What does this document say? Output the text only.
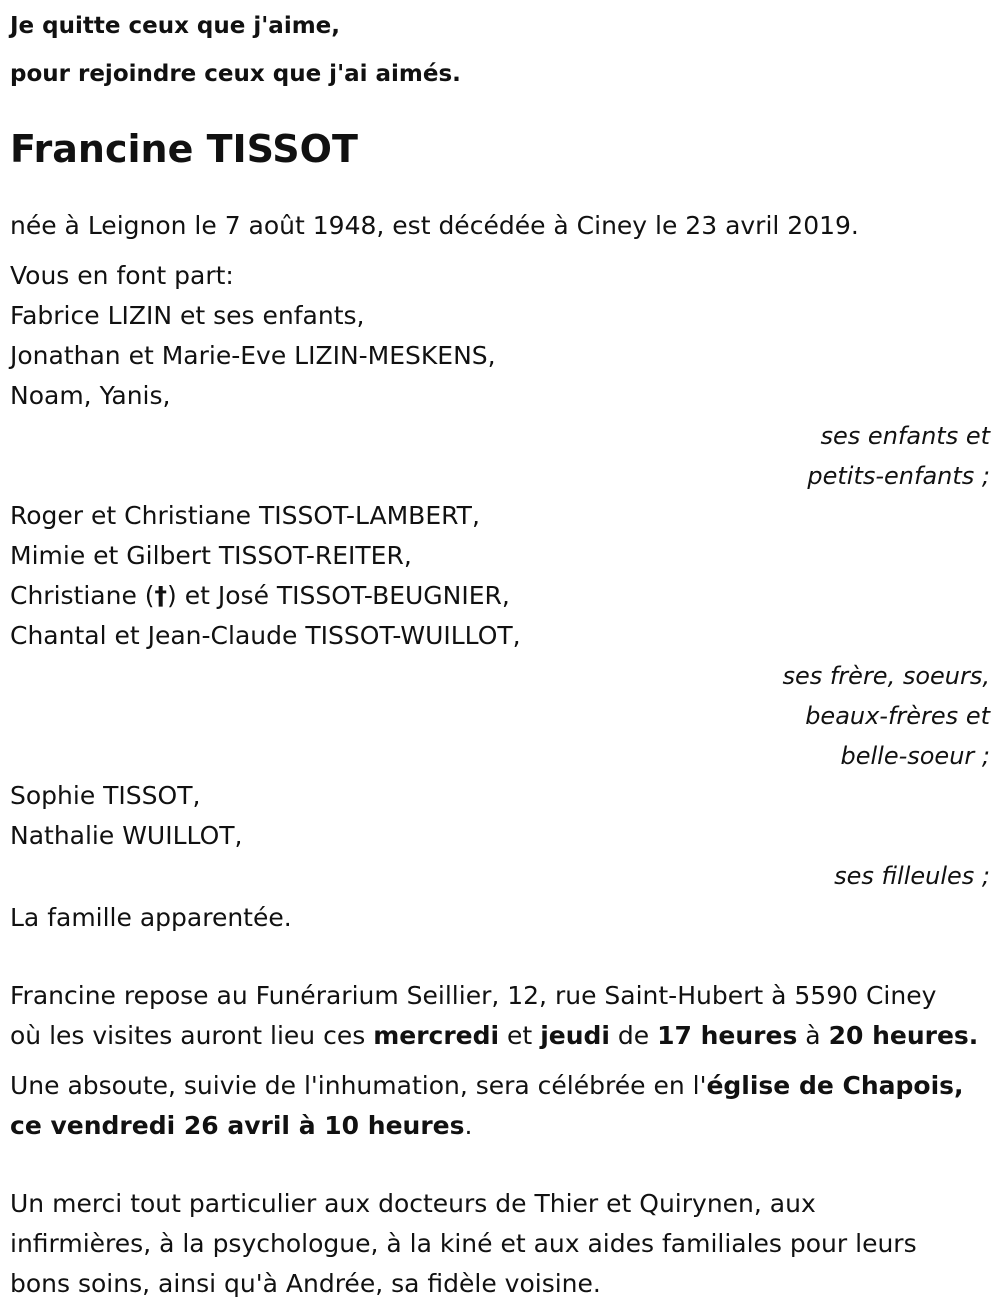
Je quitte ceux que j'aime,
pour rejoindre ceux que j'ai aimés.
Francine TISSOT
née à Leignon le 7 août 1948, est décédée à Ciney le 23 avril 2019.
Vous en font part:
Fabrice LIZIN et ses enfants,
Jonathan et Marie-Eve LIZIN-MESKENS,
Noam, Yanis,
ses enfants et
petits-enfants ;
Roger et Christiane TISSOT-LAMBERT,
Mimie et Gilbert TISSOT-REITER,
Christiane (†) et José TISSOT-BEUGNIER,
Chantal et Jean-Claude TISSOT-WUILLOT,
ses frère, soeurs,
beaux-frères et
belle-soeur ;
Sophie TISSOT,
Nathalie WUILLOT,
ses filleules ;
La famille apparentée.
Francine repose au Funérarium Seillier, 12, rue Saint-Hubert à 5590 Ciney
où les visites auront lieu ces mercredi et jeudi de 17 heures à 20 heures.
Une absoute, suivie de l'inhumation, sera célébrée en l'église de Chapois,
ce vendredi 26 avril à 10 heures.
Un merci tout particulier aux docteurs de Thier et Quirynen, aux
infirmières, à la psychologue, à la kiné et aux aides familiales pour leurs
bons soins, ainsi qu'à Andrée, sa fidèle voisine.
